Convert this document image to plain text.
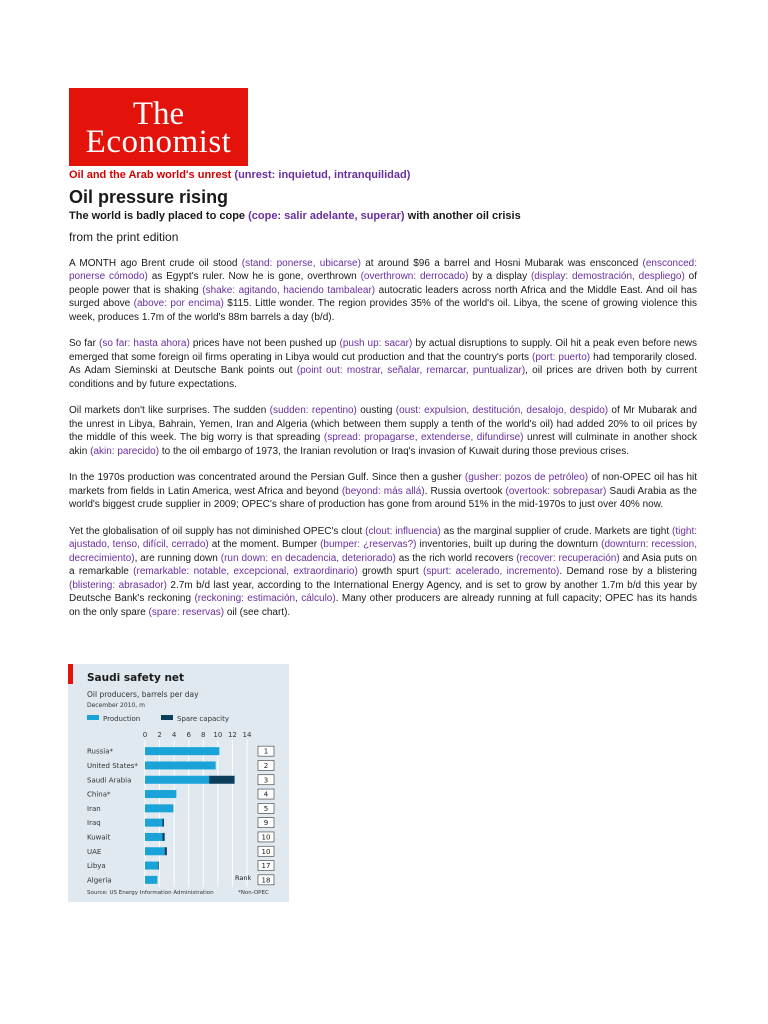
The
Economist
Oil and the Arab world's unrest (unrest: inquietud, intranquilidad)
Oil pressure rising
The world is badly placed to cope (cope: salir adelante, superar) with another oil crisis
from the print edition

A MONTH ago Brent crude oil stood (stand: ponerse, ubicarse) at around $96 a barrel and Hosni Mubarak was ensconced (ensconced: ponerse cómodo) as Egypt's ruler. Now he is gone, overthrown (overthrown: derrocado) by a display (display: demostración, despliego) of people power that is shaking (shake: agitando, haciendo tambalear) autocratic leaders across north Africa and the Middle East. And oil has surged above (above: por encima) $115. Little wonder. The region provides 35% of the world's oil. Libya, the scene of growing violence this week, produces 1.7m of the world's 88m barrels a day (b/d).

So far (so far: hasta ahora) prices have not been pushed up (push up: sacar) by actual disruptions to supply. Oil hit a peak even before news emerged that some foreign oil firms operating in Libya would cut production and that the country's ports (port: puerto) had temporarily closed. As Adam Sieminski at Deutsche Bank points out (point out: mostrar, señalar, remarcar, puntualizar), oil prices are driven both by current conditions and by future expectations.

Oil markets don't like surprises. The sudden (sudden: repentino) ousting (oust: expulsion, destitución, desalojo, despido) of Mr Mubarak and the unrest in Libya, Bahrain, Yemen, Iran and Algeria (which between them supply a tenth of the world's oil) had added 20% to oil prices by the middle of this week. The big worry is that spreading (spread: propagarse, extenderse, difundirse) unrest will culminate in another shock akin (akin: parecido) to the oil embargo of 1973, the Iranian revolution or Iraq's invasion of Kuwait during those previous crises.

In the 1970s production was concentrated around the Persian Gulf. Since then a gusher (gusher: pozos de petróleo) of non-OPEC oil has hit markets from fields in Latin America, west Africa and beyond (beyond: más allá). Russia overtook (overtook: sobrepasar) Saudi Arabia as the world's biggest crude supplier in 2009; OPEC's share of production has gone from around 51% in the mid-1970s to just over 40% now.

Yet the globalisation of oil supply has not diminished OPEC's clout (clout: influencia) as the marginal supplier of crude. Markets are tight (tight: ajustado, tenso, difícil, cerrado) at the moment. Bumper (bumper: ¿reservas?) inventories, built up during the downturn (downturn: recession, decrecimiento), are running down (run down: en decadencia, deteriorado) as the rich world recovers (recover: recuperación) and Asia puts on a remarkable (remarkable: notable, excepcional, extraordinario) growth spurt (spurt: acelerado, incremento). Demand rose by a blistering (blistering: abrasador) 2.7m b/d last year, according to the International Energy Agency, and is set to grow by another 1.7m b/d this year by Deutsche Bank's reckoning (reckoning: estimación, cálculo). Many other producers are already running at full capacity; OPEC has its hands on the only spare (spare: reservas) oil (see chart).

Saudi safety net
Oil producers, barrels per day
December 2010, m
Production	Spare capacity
0 2 4 6 8 10 12 14
Russia*	1
United States*	2
Saudi Arabia	3
China*	4
Iran	5
Iraq	9
Kuwait	10
UAE	10
Libya	17
Algeria	18
Rank
Source: US Energy Information Administration	*Non-OPEC
